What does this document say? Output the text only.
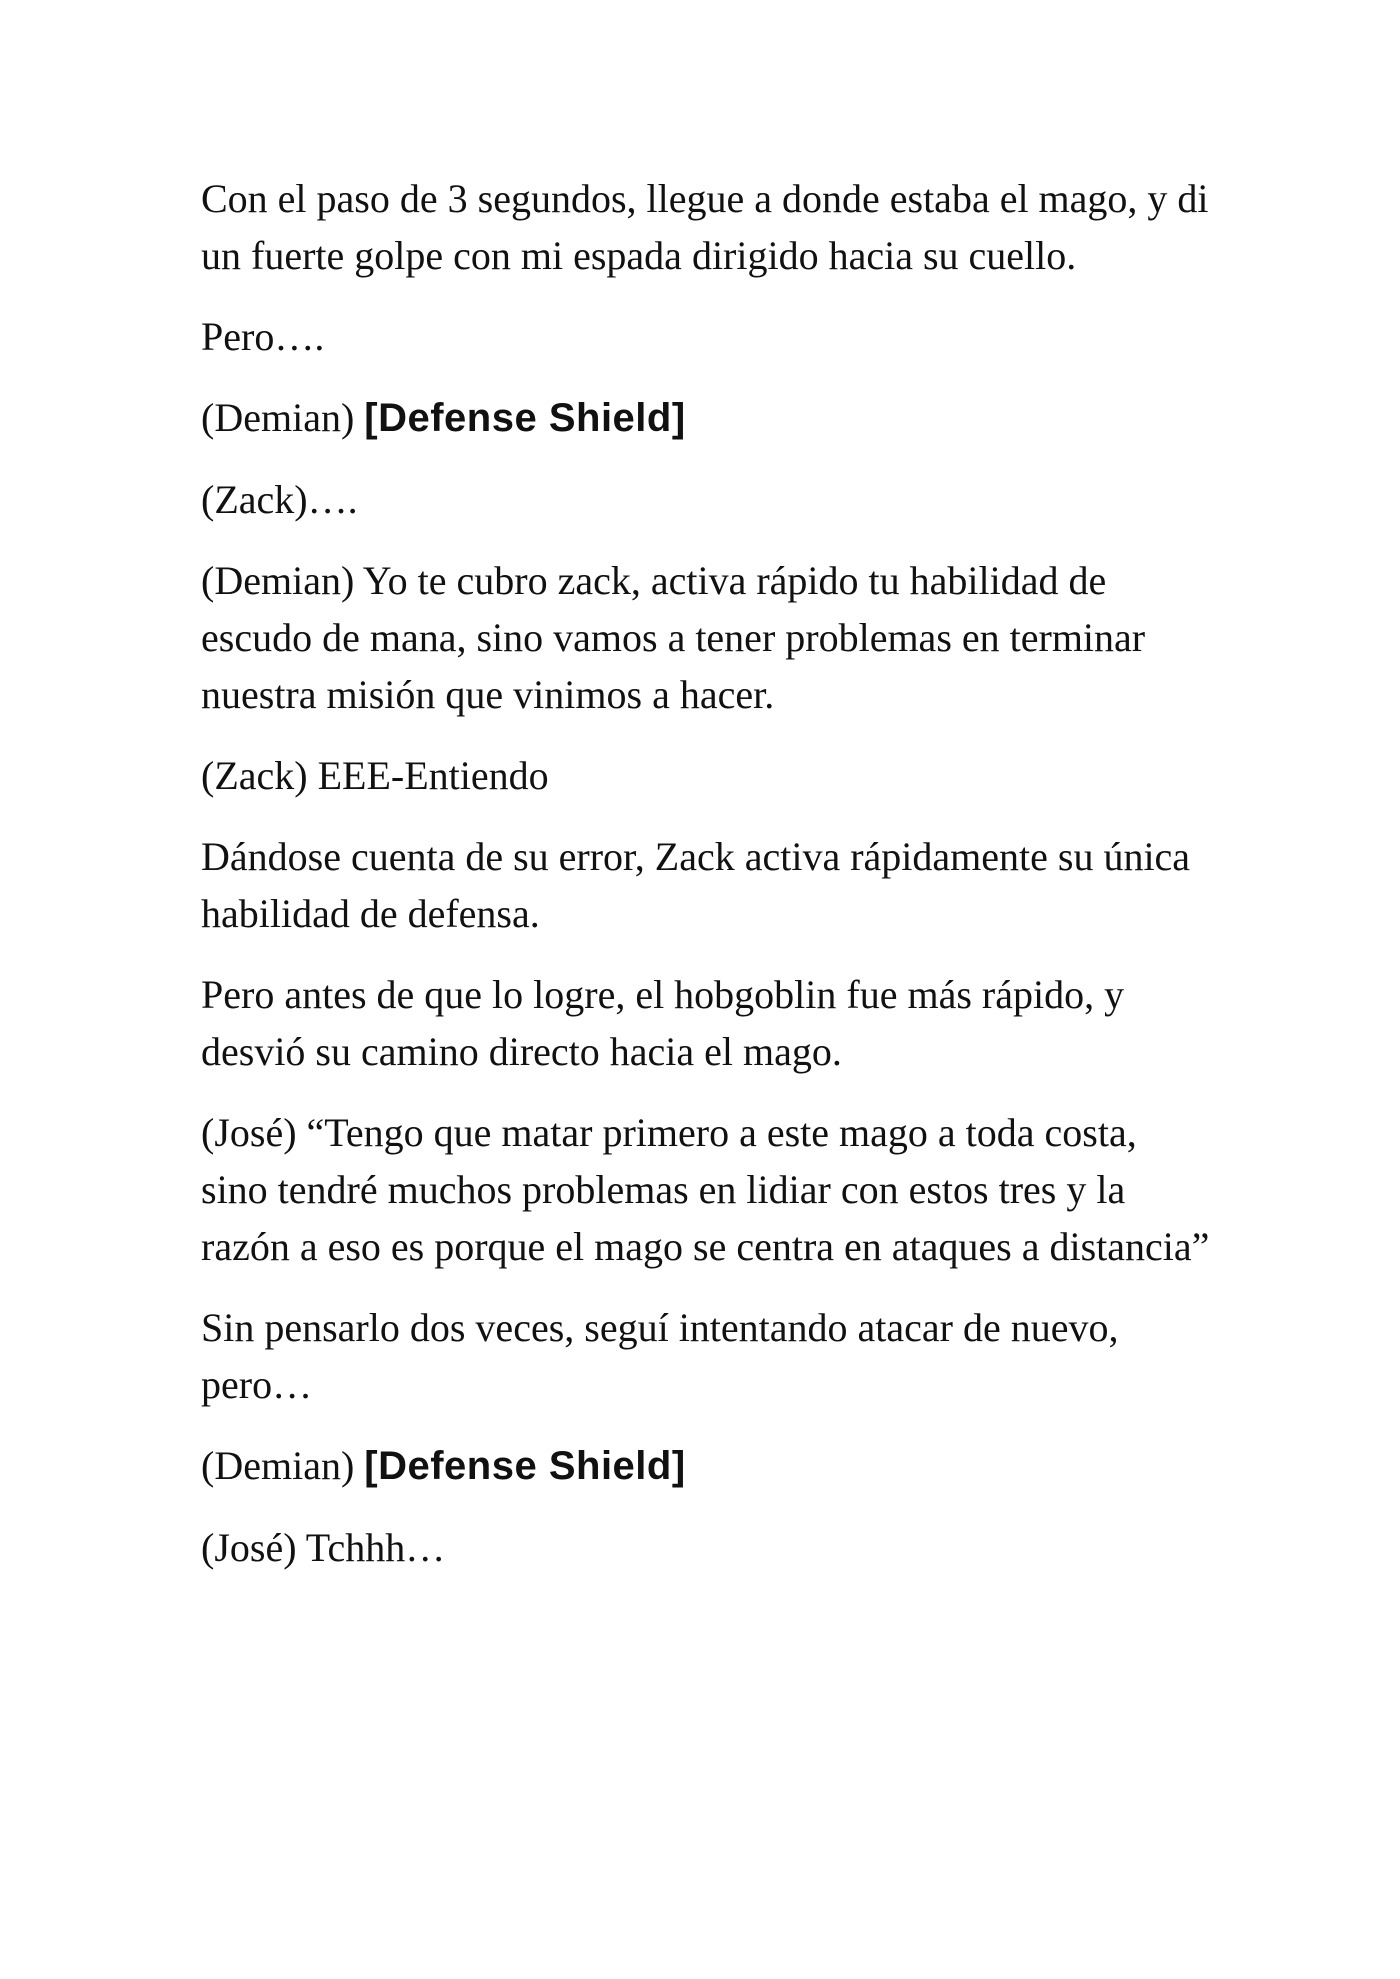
Con el paso de 3 segundos, llegue a donde estaba el mago, y di un fuerte golpe con mi espada dirigido hacia su cuello.

Pero….

(Demian) [Defense Shield]

(Zack)….

(Demian) Yo te cubro zack, activa rápido tu habilidad de escudo de mana, sino vamos a tener problemas en terminar nuestra misión que vinimos a hacer.

(Zack) EEE-Entiendo

Dándose cuenta de su error, Zack activa rápidamente su única habilidad de defensa.

Pero antes de que lo logre, el hobgoblin fue más rápido, y desvió su camino directo hacia el mago.

(José) “Tengo que matar primero a este mago a toda costa, sino tendré muchos problemas en lidiar con estos tres y la razón a eso es porque el mago se centra en ataques a distancia”

Sin pensarlo dos veces, seguí intentando atacar de nuevo, pero…

(Demian) [Defense Shield]

(José) Tchhh…
